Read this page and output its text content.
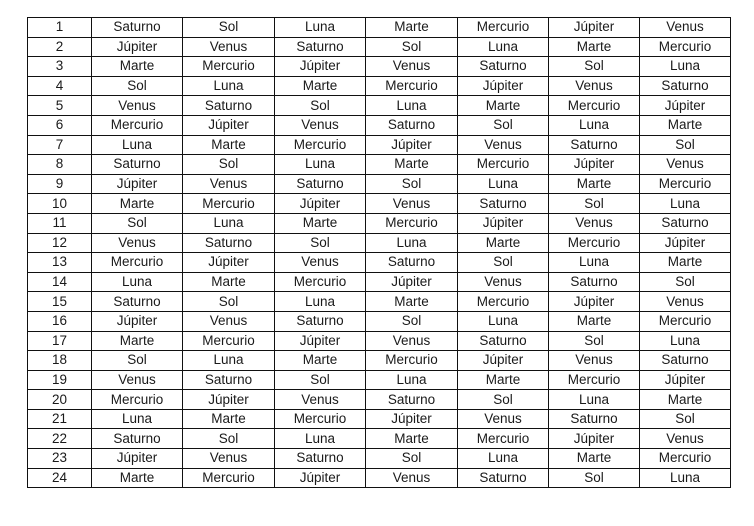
1	Saturno	Sol	Luna	Marte	Mercurio	Júpiter	Venus
2	Júpiter	Venus	Saturno	Sol	Luna	Marte	Mercurio
3	Marte	Mercurio	Júpiter	Venus	Saturno	Sol	Luna
4	Sol	Luna	Marte	Mercurio	Júpiter	Venus	Saturno
5	Venus	Saturno	Sol	Luna	Marte	Mercurio	Júpiter
6	Mercurio	Júpiter	Venus	Saturno	Sol	Luna	Marte
7	Luna	Marte	Mercurio	Júpiter	Venus	Saturno	Sol
8	Saturno	Sol	Luna	Marte	Mercurio	Júpiter	Venus
9	Júpiter	Venus	Saturno	Sol	Luna	Marte	Mercurio
10	Marte	Mercurio	Júpiter	Venus	Saturno	Sol	Luna
11	Sol	Luna	Marte	Mercurio	Júpiter	Venus	Saturno
12	Venus	Saturno	Sol	Luna	Marte	Mercurio	Júpiter
13	Mercurio	Júpiter	Venus	Saturno	Sol	Luna	Marte
14	Luna	Marte	Mercurio	Júpiter	Venus	Saturno	Sol
15	Saturno	Sol	Luna	Marte	Mercurio	Júpiter	Venus
16	Júpiter	Venus	Saturno	Sol	Luna	Marte	Mercurio
17	Marte	Mercurio	Júpiter	Venus	Saturno	Sol	Luna
18	Sol	Luna	Marte	Mercurio	Júpiter	Venus	Saturno
19	Venus	Saturno	Sol	Luna	Marte	Mercurio	Júpiter
20	Mercurio	Júpiter	Venus	Saturno	Sol	Luna	Marte
21	Luna	Marte	Mercurio	Júpiter	Venus	Saturno	Sol
22	Saturno	Sol	Luna	Marte	Mercurio	Júpiter	Venus
23	Júpiter	Venus	Saturno	Sol	Luna	Marte	Mercurio
24	Marte	Mercurio	Júpiter	Venus	Saturno	Sol	Luna
